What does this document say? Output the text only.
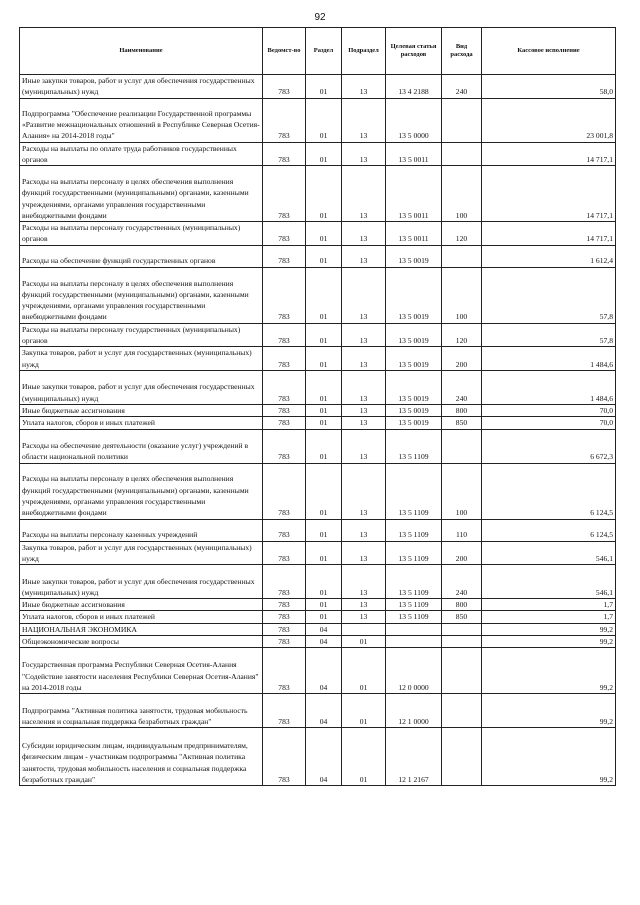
92
Наименование	Ведомст-во	Раздел	Подраздел	Целевая статья расходов	Вид расхода	Кассовое исполнение
Иные закупки товаров, работ и услуг для обеспечения государственных (муниципальных) нужд	783	01	13	13 4 2188	240	58,0
Подпрограмма "Обеспечение реализации Государственной программы «Развитие межнациональных отношений в Республике Северная Осетия-Алания» на 2014-2018 годы"	783	01	13	13 5 0000		23 001,8
Расходы на выплаты по оплате труда работников государственных органов	783	01	13	13 5 0011		14 717,1
Расходы на выплаты персоналу в целях обеспечения выполнения функций государственными (муниципальными) органами, казенными учреждениями, органами управления государственными внебюджетными фондами	783	01	13	13 5 0011	100	14 717,1
Расходы на выплаты персоналу государственных (муниципальных) органов	783	01	13	13 5 0011	120	14 717,1
Расходы на обеспечение функций государственных органов	783	01	13	13 5 0019		1 612,4
Расходы на выплаты персоналу в целях обеспечения выполнения функций государственными (муниципальными) органами, казенными учреждениями, органами управления государственными внебюджетными фондами	783	01	13	13 5 0019	100	57,8
Расходы на выплаты персоналу государственных (муниципальных) органов	783	01	13	13 5 0019	120	57,8
Закупка товаров, работ и услуг для государственных (муниципальных) нужд	783	01	13	13 5 0019	200	1 484,6
Иные закупки товаров, работ и услуг для обеспечения государственных (муниципальных) нужд	783	01	13	13 5 0019	240	1 484,6
Иные бюджетные ассигнования	783	01	13	13 5 0019	800	70,0
Уплата налогов, сборов и иных платежей	783	01	13	13 5 0019	850	70,0
Расходы на обеспечение деятельности (оказание услуг) учреждений в области национальной политики	783	01	13	13 5 1109		6 672,3
Расходы на выплаты персоналу в целях обеспечения выполнения функций государственными (муниципальными) органами, казенными учреждениями, органами управления государственными внебюджетными фондами	783	01	13	13 5 1109	100	6 124,5
Расходы на выплаты персоналу казенных учреждений	783	01	13	13 5 1109	110	6 124,5
Закупка товаров, работ и услуг для государственных (муниципальных) нужд	783	01	13	13 5 1109	200	546,1
Иные закупки товаров, работ и услуг для обеспечения государственных (муниципальных) нужд	783	01	13	13 5 1109	240	546,1
Иные бюджетные ассигнования	783	01	13	13 5 1109	800	1,7
Уплата налогов, сборов и иных платежей	783	01	13	13 5 1109	850	1,7
НАЦИОНАЛЬНАЯ ЭКОНОМИКА	783	04				99,2
Общеэкономические вопросы	783	04	01			99,2
Государственная программа Республики Северная Осетия-Алания "Содействие занятости населения Республики Северная Осетия-Алания" на 2014-2018 годы	783	04	01	12 0 0000		99,2
Подпрограмма "Активная политика занятости, трудовая мобильность населения и социальная поддержка безработных граждан"	783	04	01	12 1 0000		99,2
Субсидии юридическим лицам, индивидуальным предпринимателям, физическим лицам - участникам подпрограммы "Активная политика занятости, трудовая мобильность населения и социальная поддержка безработных граждан"	783	04	01	12 1 2167		99,2
